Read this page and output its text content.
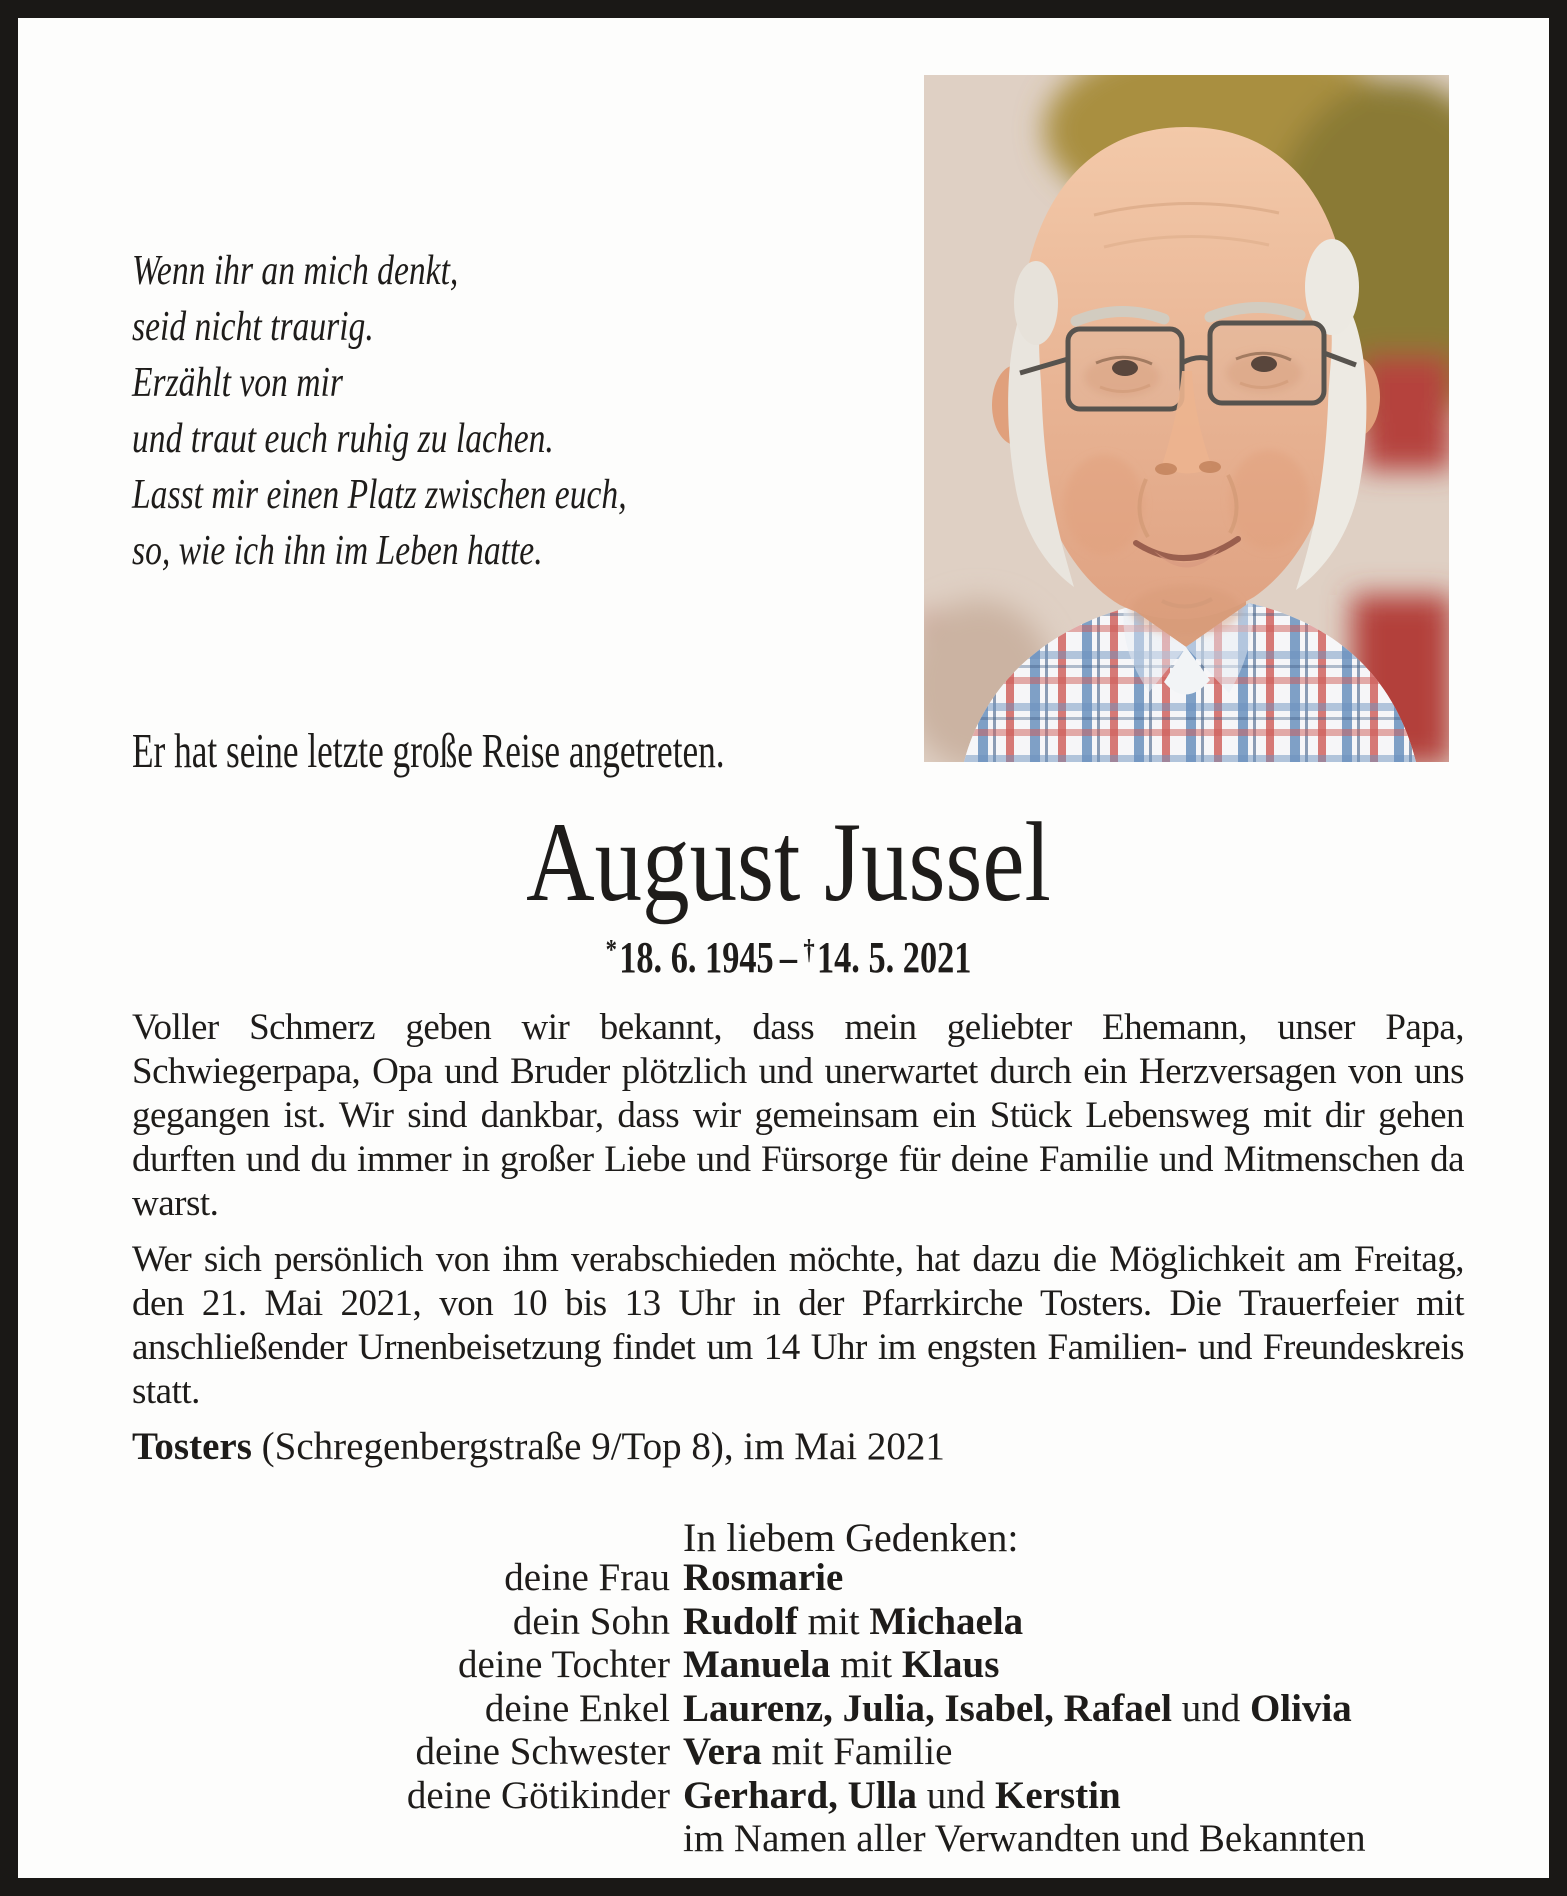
Wenn ihr an mich denkt,
seid nicht traurig.
Erzählt von mir
und traut euch ruhig zu lachen.
Lasst mir einen Platz zwischen euch,
so, wie ich ihn im Leben hatte.
Er hat seine letzte große Reise angetreten.
August Jussel
*18. 6. 1945 – †14. 5. 2021

Voller Schmerz geben wir bekannt, dass mein geliebter Ehemann, unser Papa, Schwiegerpapa, Opa und Bruder plötzlich und unerwartet durch ein Herzversagen von uns gegangen ist. Wir sind dankbar, dass wir gemeinsam ein Stück Lebensweg mit dir gehen durften und du immer in großer Liebe und Fürsorge für deine Familie und Mitmenschen da warst.

Wer sich persönlich von ihm verabschieden möchte, hat dazu die Möglichkeit am Freitag, den 21. Mai 2021, von 10 bis 13 Uhr in der Pfarrkirche Tosters. Die Trauerfeier mit anschließender Urnenbeisetzung findet um 14 Uhr im engsten Familien- und Freundeskreis statt.

Tosters (Schregenbergstraße 9/Top 8), im Mai 2021

In liebem Gedenken:
deine Frau Rosmarie
dein Sohn Rudolf mit Michaela
deine Tochter Manuela mit Klaus
deine Enkel Laurenz, Julia, Isabel, Rafael und Olivia
deine Schwester Vera mit Familie
deine Götikinder Gerhard, Ulla und Kerstin
im Namen aller Verwandten und Bekannten
